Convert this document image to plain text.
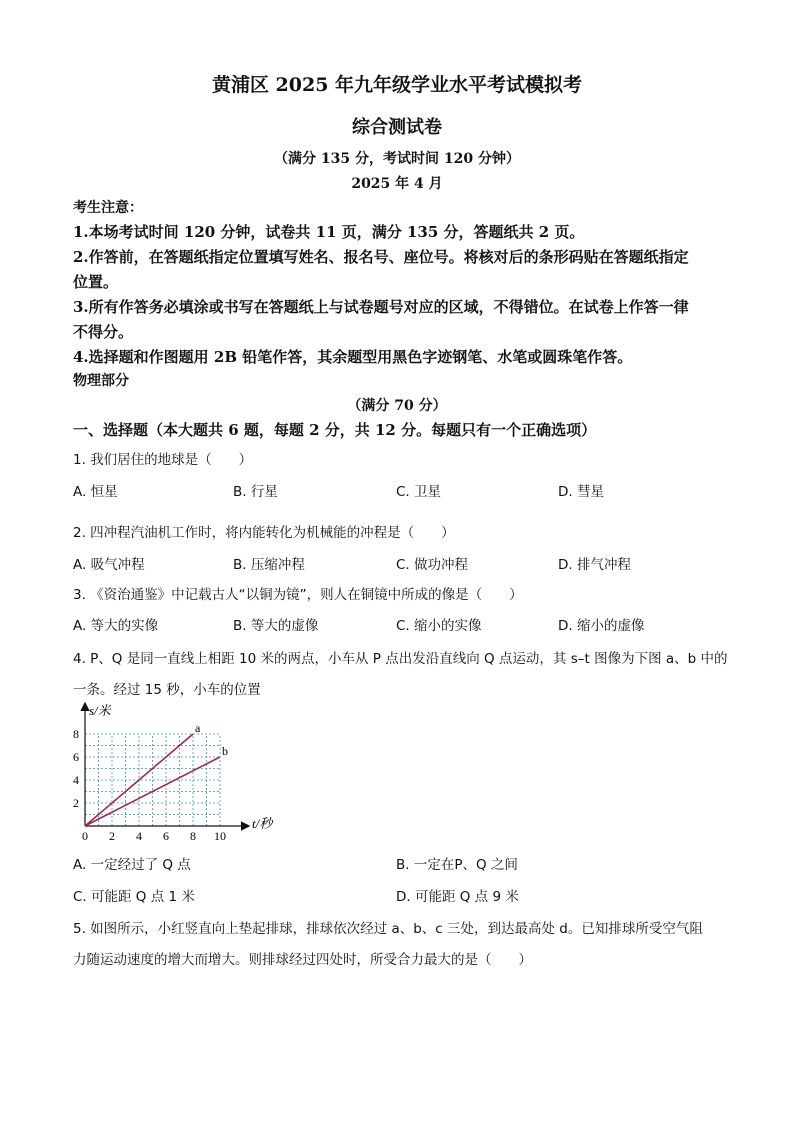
黄浦区 2025 年九年级学业水平考试模拟考
综合测试卷
（满分 135 分，考试时间 120 分钟）
2025 年 4 月
考生注意：
1.本场考试时间 120 分钟，试卷共 11 页，满分 135 分，答题纸共 2 页。
2.作答前，在答题纸指定位置填写姓名、报名号、座位号。将核对后的条形码贴在答题纸指定
位置。
3.所有作答务必填涂或书写在答题纸上与试卷题号对应的区域，不得错位。在试卷上作答一律
不得分。
4.选择题和作图题用 2B 铅笔作答，其余题型用黑色字迹钢笔、水笔或圆珠笔作答。
物理部分
（满分 70 分）
一、选择题（本大题共 6 题，每题 2 分，共 12 分。每题只有一个正确选项）
1. 我们居住的地球是（　　）
A. 恒星	B. 行星	C. 卫星	D. 彗星
2. 四冲程汽油机工作时，将内能转化为机械能的冲程是（　　）
A. 吸气冲程	B. 压缩冲程	C. 做功冲程	D. 排气冲程
3. 《资治通鉴》中记载古人“以铜为镜”，则人在铜镜中所成的像是（　　）
A. 等大的实像	B. 等大的虚像	C. 缩小的实像	D. 缩小的虚像
4. P、Q 是同一直线上相距 10 米的两点，小车从 P 点出发沿直线向 Q 点运动，其 s–t 图像为下图 a、b 中的
一条。经过 15 秒，小车的位置
0 2 4 6 8 10
2
4
6
8	a
b
s/米
t/秒
A. 一定经过了 Q 点	B. 一定在P、Q 之间
C. 可能距 Q 点 1 米	D. 可能距 Q 点 9 米
5. 如图所示，小红竖直向上垫起排球，排球依次经过 a、b、c 三处，到达最高处 d。已知排球所受空气阻
力随运动速度的增大而增大。则排球经过四处时，所受合力最大的是（　　）
